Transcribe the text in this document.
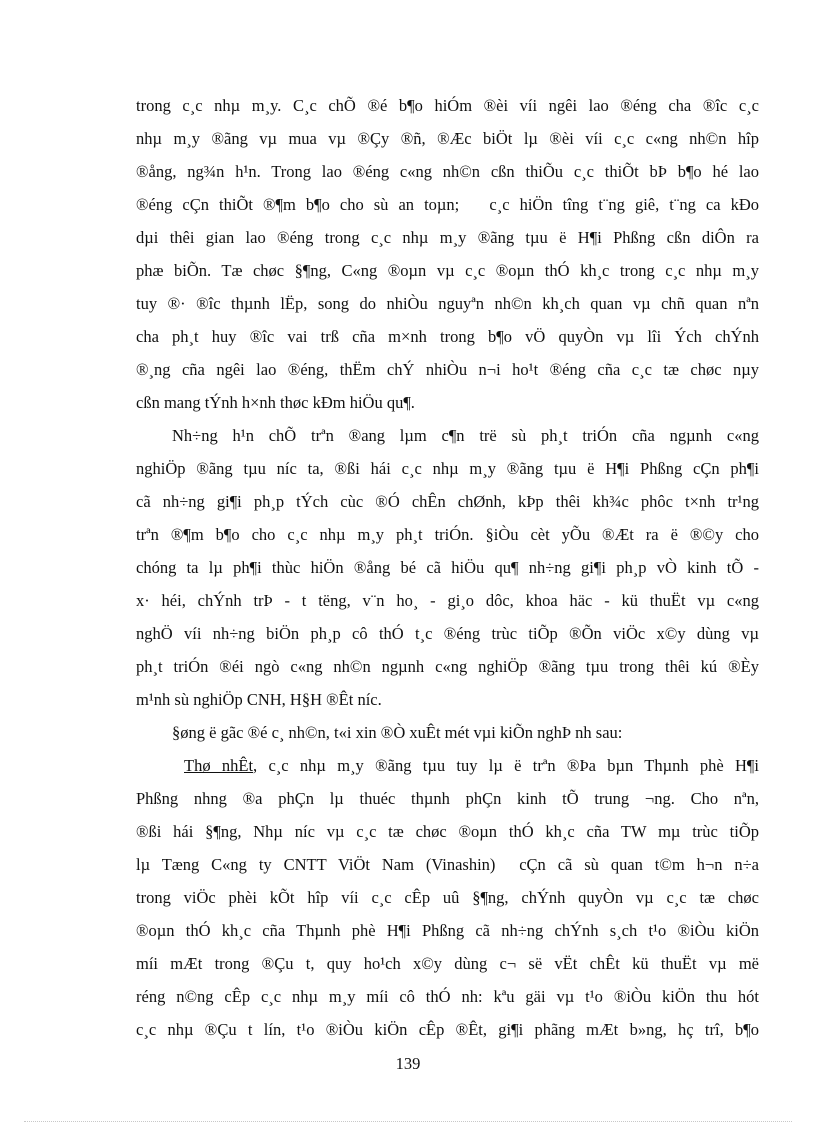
trong c¸c nhµ m¸y. C¸c chÕ ®é b¶o hiÓm ®èi víi ngêi lao ®éng cha ®îc c¸c
nhµ m¸y ®ãng vµ mua vµ ®Çy ®ñ, ®Æc biÖt lµ ®èi víi c¸c c«ng nh©n hîp
®ång, ng¾n h¹n. Trong lao ®éng c«ng nh©n cßn thiÕu c¸c thiÕt bÞ b¶o hé lao
®éng cÇn thiÕt ®¶m b¶o cho sù an toµn;   c¸c hiÖn tîng t¨ng giê, t¨ng ca kÐo
dµi thêi gian lao ®éng trong c¸c nhµ m¸y ®ãng tµu ë H¶i Phßng cßn diÔn ra
phæ biÕn. Tæ chøc §¶ng, C«ng ®oµn vµ c¸c ®oµn thÓ kh¸c trong c¸c nhµ m¸y
tuy ®· ®îc thµnh lËp, song do nhiÒu nguyªn nh©n kh¸ch quan vµ chñ quan nªn
cha ph¸t huy ®îc vai trß cña m×nh trong b¶o vÖ quyÒn vµ lîi Ých chÝnh
®¸ng cña ngêi lao ®éng, thËm chÝ nhiÒu n¬i ho¹t ®éng cña c¸c tæ chøc nµy
cßn mang tÝnh h×nh thøc kÐm hiÖu qu¶.
Nh÷ng h¹n chÕ trªn ®ang lµm c¶n trë sù ph¸t triÓn cña ngµnh c«ng
nghiÖp ®ãng tµu níc ta, ®ßi hái c¸c nhµ m¸y ®ãng tµu ë H¶i Phßng cÇn ph¶i
cã nh÷ng gi¶i ph¸p tÝch cùc ®Ó chÊn chØnh, kÞp thêi kh¾c phôc t×nh tr¹ng
trªn ®¶m b¶o cho c¸c nhµ m¸y ph¸t triÓn. §iÒu cèt yÕu ®Æt ra ë ®©y cho
chóng ta lµ ph¶i thùc hiÖn ®ång bé cã hiÖu qu¶ nh÷ng gi¶i ph¸p vÒ kinh tÕ -
x· héi, chÝnh trÞ - t tëng, v¨n ho¸ - gi¸o dôc, khoa häc - kü thuËt vµ c«ng
nghÖ víi nh÷ng biÖn ph¸p cô thÓ t¸c ®éng trùc tiÕp ®Õn viÖc x©y dùng vµ
ph¸t triÓn ®éi ngò c«ng nh©n ngµnh c«ng nghiÖp ®ãng tµu trong thêi kú ®Èy
m¹nh sù nghiÖp CNH, H§H ®Êt níc.
§øng ë gãc ®é c¸ nh©n, t«i xin ®Ò xuÊt mét vµi kiÕn nghÞ nh sau:
Thø nhÊt, c¸c nhµ m¸y ®ãng tµu tuy lµ ë trªn ®Þa bµn Thµnh phè H¶i
Phßng nhng ®a phÇn lµ thuéc thµnh phÇn kinh tÕ trung ¬ng. Cho nªn,
®ßi hái §¶ng, Nhµ níc vµ c¸c tæ chøc ®oµn thÓ kh¸c cña TW mµ trùc tiÕp
lµ Tæng C«ng ty CNTT ViÖt Nam (Vinashin)  cÇn cã sù quan t©m h¬n n÷a
trong viÖc phèi kÕt hîp víi c¸c cÊp uû §¶ng, chÝnh quyÒn vµ c¸c tæ chøc
®oµn thÓ kh¸c cña Thµnh phè H¶i Phßng cã nh÷ng chÝnh s¸ch t¹o ®iÒu kiÖn
míi mÆt trong ®Çu t, quy ho¹ch x©y dùng c¬ së vËt chÊt kü thuËt vµ më
réng n©ng cÊp c¸c nhµ m¸y míi cô thÓ nh: kªu gäi vµ t¹o ®iÒu kiÖn thu hót
c¸c nhµ ®Çu t lín, t¹o ®iÒu kiÖn cÊp ®Êt, gi¶i phãng mÆt b»ng, hç trî, b¶o
139
